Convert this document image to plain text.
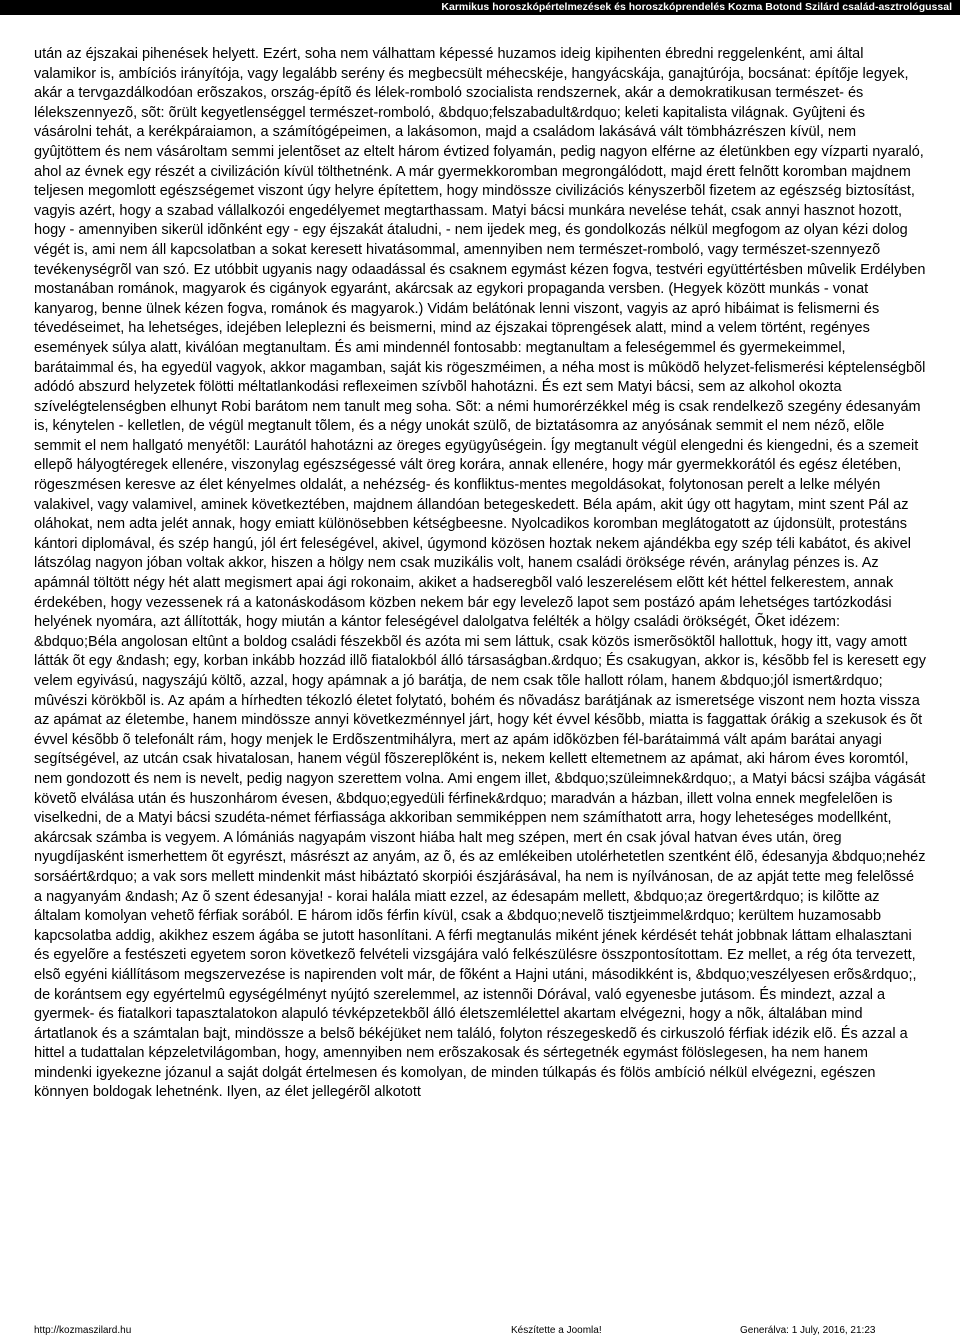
Karmikus horoszkópértelmezések és horoszkóprendelés Kozma Botond Szilárd család-asztrológussal

után az éjszakai pihenések helyett. Ezért, soha nem válhattam képessé huzamos ideig kipihenten ébredni reggelenként, ami által valamikor is, ambíciós irányítója, vagy legalább serény és megbecsült méhecskéje, hangyácskája, ganajtúrója, bocsánat: építője legyek, akár a tervgazdálkodóan erõszakos, ország-építõ és lélek-romboló szocialista rendszernek, akár a demokratikusan természet- és lélekszennyezõ, sõt: õrült kegyetlenséggel természet-romboló, &bdquo;felszabadult&rdquo; keleti kapitalista világnak. Gyûjteni és vásárolni tehát, a kerékpáraiamon, a számítógépeimen, a lakásomon, majd a családom lakásává vált tömbházrészen kívül, nem gyûjtöttem és nem vásároltam semmi jelentõset az eltelt három évtized folyamán, pedig nagyon elférne az életünkben egy vízparti nyaraló, ahol az évnek egy részét a civilizáción kívül tölthetnénk. A már gyermekkoromban megrongálódott, majd érett felnõtt koromban majdnem teljesen megomlott egészségemet viszont úgy helyre építettem, hogy mindössze civilizációs kényszerbõl fizetem az egészség biztosítást, vagyis azért, hogy a szabad vállalkozói engedélyemet megtarthassam. Matyi bácsi munkára nevelése tehát, csak annyi hasznot hozott, hogy - amennyiben sikerül idõnként egy - egy éjszakát átaludni, - nem ijedek meg, és gondolkozás nélkül megfogom az olyan kézi dolog végét is, ami nem áll kapcsolatban a sokat keresett hivatásommal, amennyiben nem természet-romboló, vagy természet-szennyezõ tevékenységrõl van szó. Ez utóbbit ugyanis nagy odaadással és csaknem egymást kézen fogva, testvéri együttértésben mûvelik Erdélyben mostanában románok, magyarok és cigányok egyaránt, akárcsak az egykori propaganda versben. (Hegyek között munkás - vonat kanyarog, benne ülnek kézen fogva, románok és magyarok.) Vidám belátónak lenni viszont, vagyis az apró hibáimat is felismerni és tévedéseimet, ha lehetséges, idejében leleplezni és beismerni, mind az éjszakai töprengések alatt, mind a velem történt, regényes események súlya alatt, kiválóan megtanultam. És ami mindennél fontosabb: megtanultam a feleségemmel és gyermekeimmel, barátaimmal és, ha egyedül vagyok, akkor magamban, saját kis rögeszméimen, a néha most is mûködõ helyzet-felismerési képtelenségbõl adódó abszurd helyzetek fölötti méltatlankodási reflexeimen szívbõl hahotázni. És ezt sem Matyi bácsi, sem az alkohol okozta szívelégtelenségben elhunyt Robi barátom nem tanult meg soha. Sõt: a némi humorérzékkel még is csak rendelkezõ szegény édesanyám is, kénytelen - kelletlen, de végül megtanult tõlem, és a négy unokát szülõ, de biztatásomra az anyósának semmit el nem nézõ, elõle semmit el nem hallgató menyétõl: Laurától hahotázni az öreges együgyûségein. Így megtanult végül elengedni és kiengedni, és a szemeit ellepõ hályogtéregek ellenére, viszonylag egészségessé vált öreg korára, annak ellenére, hogy már gyermekkorától és egész életében, rögeszmésen keresve az élet kényelmes oldalát, a nehézség- és konfliktus-mentes megoldásokat, folytonosan perelt a lelke mélyén valakivel, vagy valamivel, aminek következtében, majdnem állandóan betegeskedett. Béla apám, akit úgy ott hagytam, mint szent Pál az oláhokat, nem adta jelét annak, hogy emiatt különösebben kétségbeesne. Nyolcadikos koromban meglátogatott az újdonsült, protestáns kántori diplomával, és szép hangú, jól ért feleségével, akivel, úgymond közösen hoztak nekem ajándékba egy szép téli kabátot, és akivel látszólag nagyon jóban voltak akkor, hiszen a hölgy nem csak muzikális volt, hanem családi öröksége révén, aránylag pénzes is. Az apámnál töltött négy hét alatt megismert apai ági rokonaim, akiket a hadseregbõl való leszerelésem elõtt két héttel felkerestem, annak érdekében, hogy vezessenek rá a katonáskodásom közben nekem bár egy levelezõ lapot sem postázó apám lehetséges tartózkodási helyének nyomára, azt állították, hogy miután a kántor feleségével dalolgatva felélték a hölgy családi örökségét, Õket idézem: &bdquo;Béla angolosan eltûnt a boldog családi fészekbõl és azóta mi sem láttuk, csak közös ismerõsöktõl hallottuk, hogy itt, vagy amott látták õt egy &ndash; egy, korban inkább hozzád illõ fiatalokból álló társaságban.&rdquo; És csakugyan, akkor is, késõbb fel is keresett egy velem egyivású, nagyszájú költõ, azzal, hogy apámnak a jó barátja, de nem csak tõle hallott rólam, hanem &bdquo;jól ismert&rdquo; mûvészi körökbõl is. Az apám a hírhedten tékozló életet folytató, bohém és nõvadász barátjának az ismeretsége viszont nem hozta vissza az apámat az életembe, hanem mindössze annyi következménnyel járt, hogy két évvel késõbb, miatta is faggattak órákig a szekusok és õt évvel késõbb õ telefonált rám, hogy menjek le Erdõszentmihályra, mert az apám idõközben fél-barátaimmá vált apám barátai anyagi segítségével, az utcán csak hivatalosan, hanem végül fõszereplõként is, nekem kellett eltemetnem az apámat, aki három éves koromtól, nem gondozott és nem is nevelt, pedig nagyon szerettem volna. Ami engem illet, &bdquo;szüleimnek&rdquo;, a Matyi bácsi szájba vágását követõ elválása után és huszonhárom évesen, &bdquo;egyedüli férfinek&rdquo; maradván a házban, illett volna ennek megfelelõen is viselkedni, de a Matyi bácsi szudéta-német férfiassága akkoriban semmiképpen nem számíthatott arra, hogy leheteséges modellként, akárcsak számba is vegyem. A lómániás nagyapám viszont hiába halt meg szépen, mert én csak jóval hatvan éves után, öreg nyugdíjasként ismerhettem õt egyrészt, másrészt az anyám, az õ, és az emlékeiben utolérhetetlen szentként élõ, édesanyja &bdquo;nehéz sorsáért&rdquo; a vak sors mellett mindenkit mást hibáztató skorpiói észjárásával, ha nem is nyílvánosan, de az apját tette meg felelõssé a nagyanyám &ndash; Az õ szent édesanyja! - korai halála miatt ezzel, az édesapám mellett, &bdquo;az öregert&rdquo; is kilõtte az általam komolyan vehetõ férfiak sorából. E három idõs férfin kívül, csak a &bdquo;nevelõ tisztjeimmel&rdquo; kerültem huzamosabb kapcsolatba addig, akikhez eszem ágába se jutott hasonlítani. A férfi megtanulás miként jének kérdését tehát jobbnak láttam elhalasztani és egyelõre a festészeti egyetem soron következõ felvételi vizsgájára való felkészülésre összpontosítottam. Ez mellet, a rég óta tervezett, elsõ egyéni kiállításom megszervezése is napirenden volt már, de fõként a Hajni utáni, másodikként is, &bdquo;veszélyesen erõs&rdquo;, de korántsem egy egyértelmû egységélményt nyújtó szerelemmel, az istennõi Dórával, való egyenesbe jutásom. És mindezt, azzal a gyermek- és fiatalkori tapasztalatokon alapuló tévképzetekbõl álló életszemlélettel akartam elvégezni, hogy a nõk, általában mind ártatlanok és a számtalan bajt, mindössze a belsõ békéjüket nem találó, folyton részegeskedõ és cirkuszoló férfiak idézik elõ. És azzal a hittel a tudattalan képzeletvilágomban, hogy, amennyiben nem erõszakosak és sértegetnék egymást fölöslegesen, ha nem hanem mindenki igyekezne józanul a saját dolgát értelmesen és komolyan, de minden túlkapás és fölös ambíció nélkül elvégezni, egészen könnyen boldogak lehetnénk. Ilyen, az élet jellegérõl alkotott

http://kozmaszilard.hu	Készítette a Joomla!	Generálva: 1 July, 2016, 21:23
